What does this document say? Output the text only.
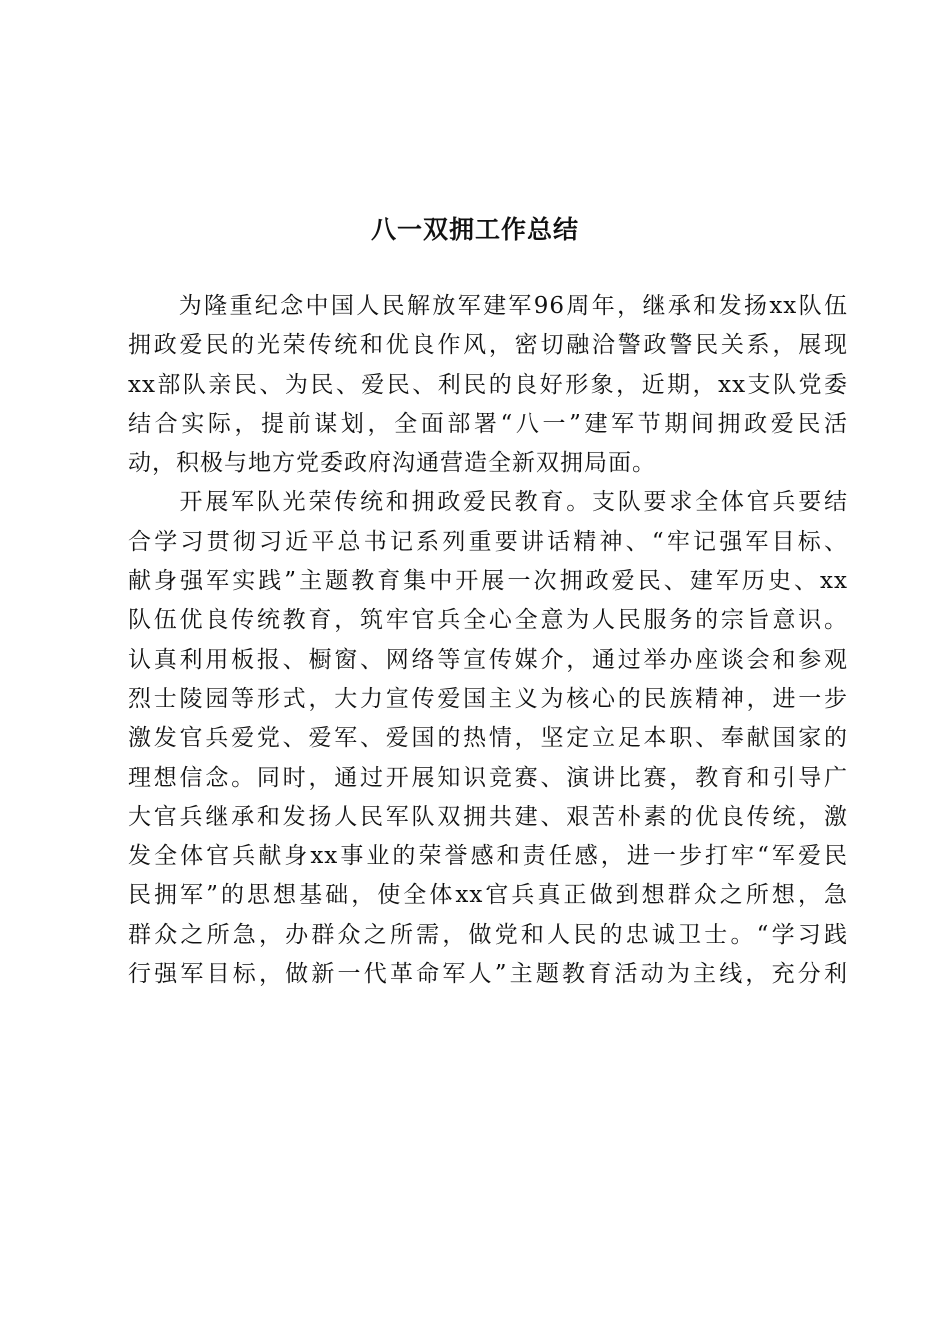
八一双拥工作总结
　　为隆重纪念中国人民解放军建军96周年，继承和发扬xx队伍
拥政爱民的光荣传统和优良作风，密切融洽警政警民关系，展现
xx部队亲民、为民、爱民、利民的良好形象，近期，xx支队党委
结合实际，提前谋划，全面部署“八一”建军节期间拥政爱民活
动，积极与地方党委政府沟通营造全新双拥局面。
　　开展军队光荣传统和拥政爱民教育。支队要求全体官兵要结
合学习贯彻习近平总书记系列重要讲话精神、“牢记强军目标、
献身强军实践”主题教育集中开展一次拥政爱民、建军历史、xx
队伍优良传统教育，筑牢官兵全心全意为人民服务的宗旨意识。
认真利用板报、橱窗、网络等宣传媒介，通过举办座谈会和参观
烈士陵园等形式，大力宣传爱国主义为核心的民族精神，进一步
激发官兵爱党、爱军、爱国的热情，坚定立足本职、奉献国家的
理想信念。同时，通过开展知识竞赛、演讲比赛，教育和引导广
大官兵继承和发扬人民军队双拥共建、艰苦朴素的优良传统，激
发全体官兵献身xx事业的荣誉感和责任感，进一步打牢“军爱民
民拥军”的思想基础，使全体xx官兵真正做到想群众之所想，急
群众之所急，办群众之所需，做党和人民的忠诚卫士。“学习践
行强军目标，做新一代革命军人”主题教育活动为主线，充分利
